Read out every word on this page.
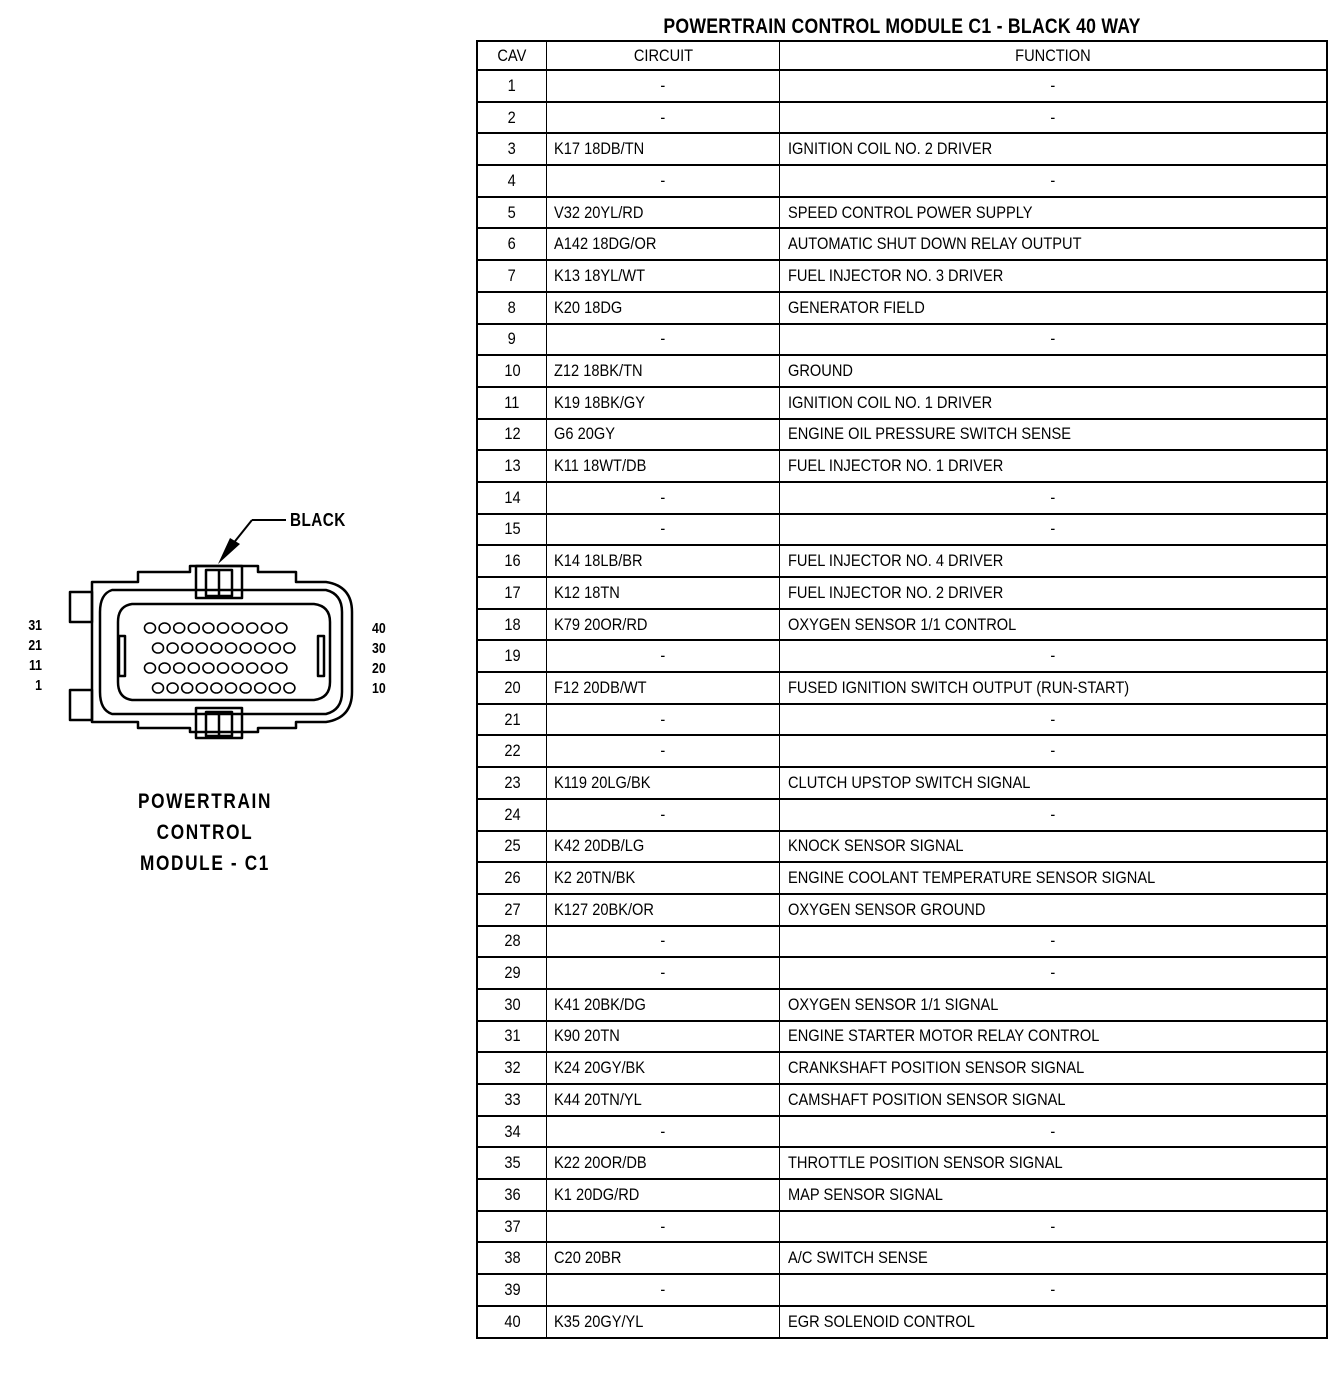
BLACK
31
21
11
1
40
30
20
10
POWERTRAIN
CONTROL
MODULE - C1
POWERTRAIN CONTROL MODULE C1 - BLACK 40 WAY
CAV	CIRCUIT	FUNCTION
1	-	-
2	-	-
3	K17 18DB/TN	IGNITION COIL NO. 2 DRIVER
4	-	-
5	V32 20YL/RD	SPEED CONTROL POWER SUPPLY
6	A142 18DG/OR	AUTOMATIC SHUT DOWN RELAY OUTPUT
7	K13 18YL/WT	FUEL INJECTOR NO. 3 DRIVER
8	K20 18DG	GENERATOR FIELD
9	-	-
10	Z12 18BK/TN	GROUND
11	K19 18BK/GY	IGNITION COIL NO. 1 DRIVER
12	G6 20GY	ENGINE OIL PRESSURE SWITCH SENSE
13	K11 18WT/DB	FUEL INJECTOR NO. 1 DRIVER
14	-	-
15	-	-
16	K14 18LB/BR	FUEL INJECTOR NO. 4 DRIVER
17	K12 18TN	FUEL INJECTOR NO. 2 DRIVER
18	K79 20OR/RD	OXYGEN SENSOR 1/1 CONTROL
19	-	-
20	F12 20DB/WT	FUSED IGNITION SWITCH OUTPUT (RUN-START)
21	-	-
22	-	-
23	K119 20LG/BK	CLUTCH UPSTOP SWITCH SIGNAL
24	-	-
25	K42 20DB/LG	KNOCK SENSOR SIGNAL
26	K2 20TN/BK	ENGINE COOLANT TEMPERATURE SENSOR SIGNAL
27	K127 20BK/OR	OXYGEN SENSOR GROUND
28	-	-
29	-	-
30	K41 20BK/DG	OXYGEN SENSOR 1/1 SIGNAL
31	K90 20TN	ENGINE STARTER MOTOR RELAY CONTROL
32	K24 20GY/BK	CRANKSHAFT POSITION SENSOR SIGNAL
33	K44 20TN/YL	CAMSHAFT POSITION SENSOR SIGNAL
34	-	-
35	K22 20OR/DB	THROTTLE POSITION SENSOR SIGNAL
36	K1 20DG/RD	MAP SENSOR SIGNAL
37	-	-
38	C20 20BR	A/C SWITCH SENSE
39	-	-
40	K35 20GY/YL	EGR SOLENOID CONTROL
